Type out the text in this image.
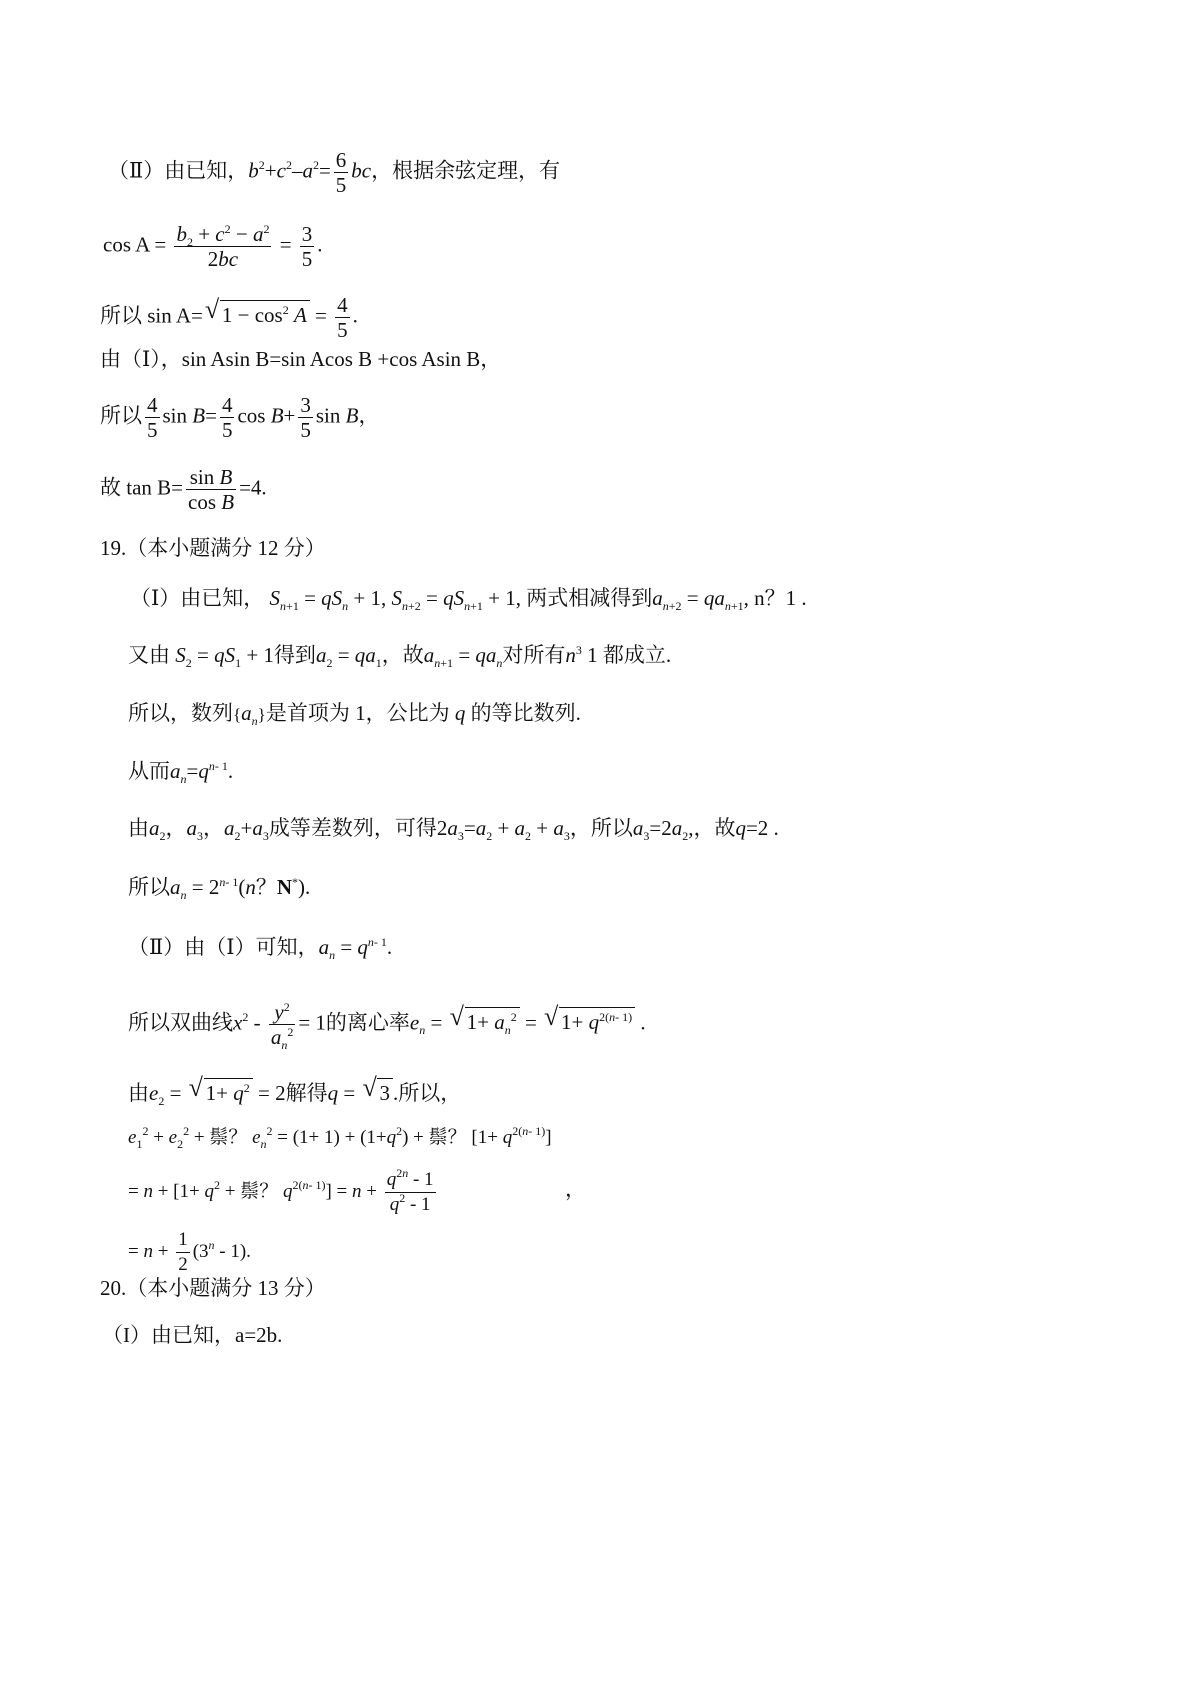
（Ⅱ）由已知，$b^2+c^2-a^2= \frac{6}{5}$ bc，根据余弦定理，有
$\cos A = \frac{b_2 + c^2 - a^2}{2bc} = \frac{3}{5}$ .
所以 sin A=√ $1 - \cos^2 A = \frac{4}{5}$ .
由（Ⅰ），sin Asin B=sin Acos B +cos Asin B，
所以 $\frac{4}{5}$ $\sin B= \frac{4}{5}$ $\cos B+ \frac{3}{5}$ sin B，
故 $\tan B= \frac{\text{sin B}}{\text{cos B}} =4$.
19.（本小题满分 12 分）
（Ⅰ）由已知， $S_{n+1} = qS_n + 1$, $S_{n+2} = qS_{n+1} + 1$, 两式相减得到$a_{n+2} = qa_{n+1}$, n？1 .
又由 $S_2 = qS_1 + 1$得到$a_2 = qa_1$，故$a_{n+1} = qa_n$对所有$n^3$ 1 都成立.
所以，数列$\{a_n\}$是首项为 1，公比为 q 的等比数列.
从而$a_n=q^{n- 1}$.
由$a_2$，$a_3$，$a_2+a_3$成等差数列，可得$2a_3=a_2 + a_2 + a_3$，所以$a_3=2a_2$,，故q=2 .
所以$a_n = 2^{n- 1}(n$？N*).
（Ⅱ）由（Ⅰ）可知，$a_n = q^{n- 1}$.
所以双曲线$x^2 - \frac{y^2}{a_n^2} = 1$的离心率$e_n$ = √ $1+ a_n^2$ = √ $1+ q^{2(n- 1)}$ .
由$e_2$ = √ $1+ q^2 = 2$解得q = √ 3 .所以，
$e_1^2 + e_2^2$ + 鬃？ $e_n^2 = (1+ 1) + (1+q^2)$ + 鬃？ $[1+ q^{2(n- 1)}]$
= $n + [1+ q^2$ + 鬃？ $q^{2(n- 1)}] = n + \frac{q^{2n} - 1}{q^2 - 1}$	，
= $n + \frac{1}{2} (3^n - 1)$.
20.（本小题满分 13 分）
（I）由已知，a=2b.
